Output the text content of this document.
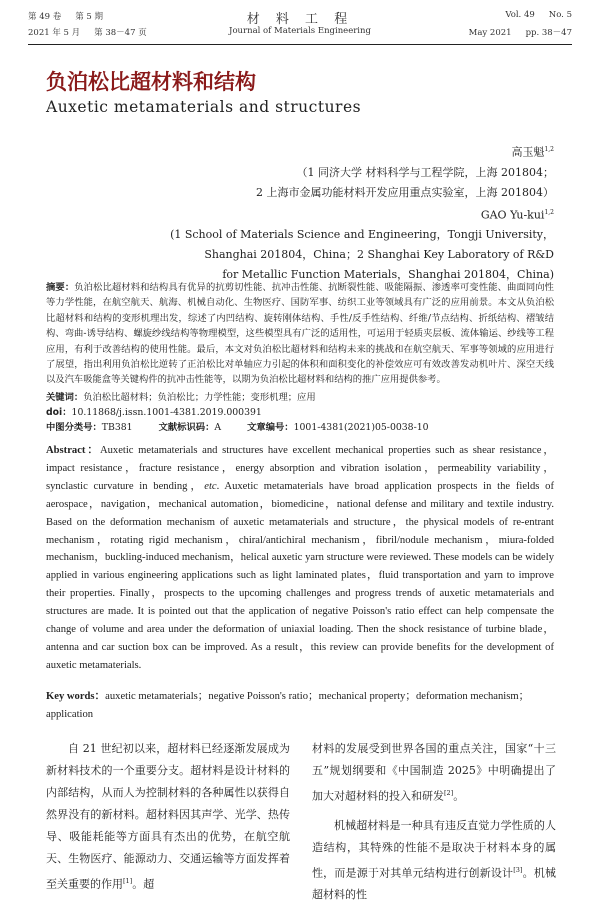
第 49 卷 第 5 期
2021 年 5 月 第 38－47 页
材 料 工 程
Journal of Materials Engineering
Vol. 49 No. 5
May 2021 pp. 38－47
负泊松比超材料和结构
Auxetic metamaterials and structures
高玉魁$^{1,2}$
（1 同济大学 材料科学与工程学院，上海 201804；
2 上海市金属功能材料开发应用重点实验室，上海 201804）
GAO Yu-kui$^{1,2}$
(1 School of Materials Science and Engineering，Tongji University，
Shanghai 201804，China；2 Shanghai Key Laboratory of R&D
for Metallic Function Materials，Shanghai 201804，China)
摘要：负泊松比超材料和结构具有优异的抗剪切性能、抗冲击性能、抗断裂性能、吸能隔振、渗透率可变性能、曲面同向性等力学性能，在航空航天、航海、机械自动化、生物医疗、国防军事、纺织工业等领域具有广泛的应用前景。本文从负泊松比超材料和结构的变形机理出发，综述了内凹结构、旋转刚体结构、手性/反手性结构、纤维/节点结构、折纸结构、褶皱结构、弯曲-诱导结构、螺旋纱线结构等物理模型，这些模型具有广泛的适用性，可运用于轻质夹层板、流体输运、纱线等工程应用，有利于改善结构的使用性能。最后，本文对负泊松比超材料和结构未来的挑战和在航空航天、军事等领域的应用进行了展望，指出利用负泊松比逆转了正泊松比对单轴应力引起的体积和面积变化的补偿效应可有效改善发动机叶片、深空天线以及汽车吸能盒等关键构件的抗冲击性能等，以期为负泊松比超材料和结构的推广应用提供参考。
关键词：负泊松比超材料；负泊松比；力学性能；变形机理；应用
doi：10.11868/j.issn.1001-4381.2019.000391
中图分类号：TB381	文献标识码：A	文章编号：1001-4381(2021)05-0038-10
Abstract：Auxetic metamaterials and structures have excellent mechanical properties such as shear resistance，impact resistance，fracture resistance，energy absorption and vibration isolation，permeability variability，synclastic curvature in bending，etc. Auxetic metamaterials have broad application prospects in the fields of aerospace，navigation，mechanical automation，biomedicine，national defense and military and textile industry. Based on the deformation mechanism of auxetic metamaterials and structure，the physical models of re-entrant mechanism，rotating rigid mechanism，chiral/antichiral mechanism，fibril/nodule mechanism，miura-folded mechanism，buckling-induced mechanism，helical auxetic yarn structure were reviewed. These models can be widely applied in various engineering applications such as light laminated plates，fluid transportation and yarn to improve their properties. Finally，prospects to the upcoming challenges and progress trends of auxetic metamaterials and structures are made. It is pointed out that the application of negative Poisson's ratio effect can help compensate the change of volume and area under the deformation of uniaxial loading. Then the shock resistance of turbine blade，antenna and car suction box can be improved. As a result，this review can provide benefits for the development of auxetic metamaterials.
Key words：auxetic metamaterials；negative Poisson's ratio；mechanical property；deformation mechanism；application
自 21 世纪初以来，超材料已经逐渐发展成为新材料技术的一个重要分支。超材料是设计材料的内部结构，从而人为控制材料的各种属性以获得自然界没有的新材料。超材料因其声学、光学、热传导、吸能耗能等方面具有杰出的优势，在航空航天、生物医疗、能源动力、交通运输等方面发挥着至关重要的作用[1]。超

材料的发展受到世界各国的重点关注，国家“十三五”规划纲要和《中国制造 2025》中明确提出了加大对超材料的投入和研发[2]。

机械超材料是一种具有违反直觉力学性质的人造结构，其特殊的性能不是取决于材料本身的属性，而是源于对其单元结构进行创新设计[3]。机械超材料的性
